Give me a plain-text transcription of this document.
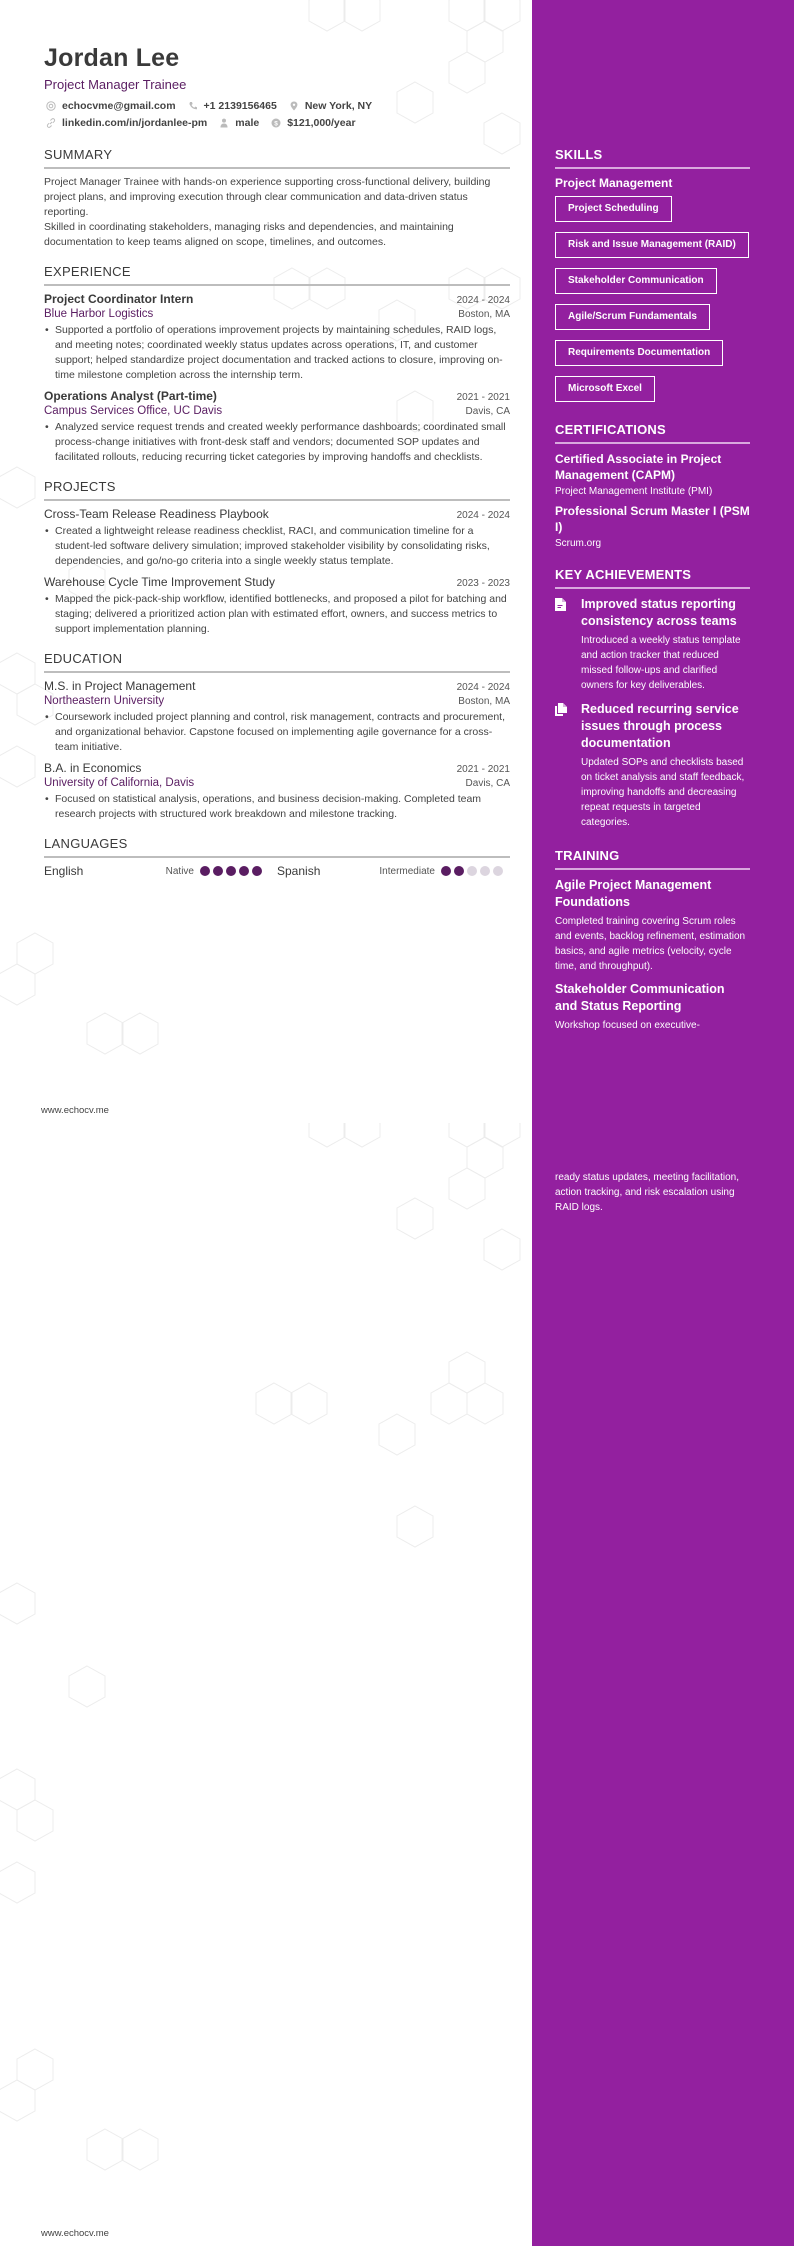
Jordan Lee
Project Manager Trainee
echocvme@gmail.com	+1 2139156465	New York, NY
linkedin.com/in/jordanlee-pm	male $ $121,000/year
SUMMARY

Project Manager Trainee with hands-on experience supporting cross-functional delivery, building project plans, and improving execution through clear communication and data-driven status reporting.

Skilled in coordinating stakeholders, managing risks and dependencies, and maintaining documentation to keep teams aligned on scope, timelines, and outcomes.

EXPERIENCE
Project Coordinator Intern	2024 - 2024
Blue Harbor Logistics	Boston, MA
• Supported a portfolio of operations improvement projects by maintaining schedules, RAID logs, and meeting notes; coordinated weekly status updates across operations, IT, and customer support; helped standardize project documentation and tracked actions to closure, improving on-time milestone completion across the internship term.
Operations Analyst (Part-time)	2021 - 2021
Campus Services Office, UC Davis	Davis, CA
• Analyzed service request trends and created weekly performance dashboards; coordinated small process-change initiatives with front-desk staff and vendors; documented SOP updates and facilitated rollouts, reducing recurring ticket categories by improving handoffs and checklists.
PROJECTS
Cross-Team Release Readiness Playbook	2024 - 2024
• Created a lightweight release readiness checklist, RACI, and communication timeline for a student-led software delivery simulation; improved stakeholder visibility by consolidating risks, dependencies, and go/no-go criteria into a single weekly status template.
Warehouse Cycle Time Improvement Study	2023 - 2023
• Mapped the pick-pack-ship workflow, identified bottlenecks, and proposed a pilot for batching and staging; delivered a prioritized action plan with estimated effort, owners, and success metrics to support implementation planning.
EDUCATION
M.S. in Project Management	2024 - 2024
Northeastern University	Boston, MA
• Coursework included project planning and control, risk management, contracts and procurement, and organizational behavior. Capstone focused on implementing agile governance for a cross-team initiative.
B.A. in Economics	2021 - 2021
University of California, Davis	Davis, CA
• Focused on statistical analysis, operations, and business decision-making. Completed team research projects with structured work breakdown and milestone tracking.
LANGUAGES
English	Native	Spanish	Intermediate
www.echocv.me
SKILLS
Project Management
Project Scheduling
Risk and Issue Management (RAID)
Stakeholder Communication
Agile/Scrum Fundamentals
Requirements Documentation
Microsoft Excel
CERTIFICATIONS
Certified Associate in Project Management (CAPM)
Project Management Institute (PMI)
Professional Scrum Master I (PSM I)
Scrum.org
KEY ACHIEVEMENTS
Improved status reporting consistency across teams
Introduced a weekly status template and action tracker that reduced missed follow-ups and clarified owners for key deliverables.
Reduced recurring service issues through process documentation
Updated SOPs and checklists based on ticket analysis and staff feedback, improving handoffs and decreasing repeat requests in targeted categories.
TRAINING
Agile Project Management Foundations
Completed training covering Scrum roles and events, backlog refinement, estimation basics, and agile metrics (velocity, cycle time, and throughput).
Stakeholder Communication and Status Reporting
Workshop focused on executive-
ready status updates, meeting facilitation, action tracking, and risk escalation using RAID logs.
www.echocv.me
